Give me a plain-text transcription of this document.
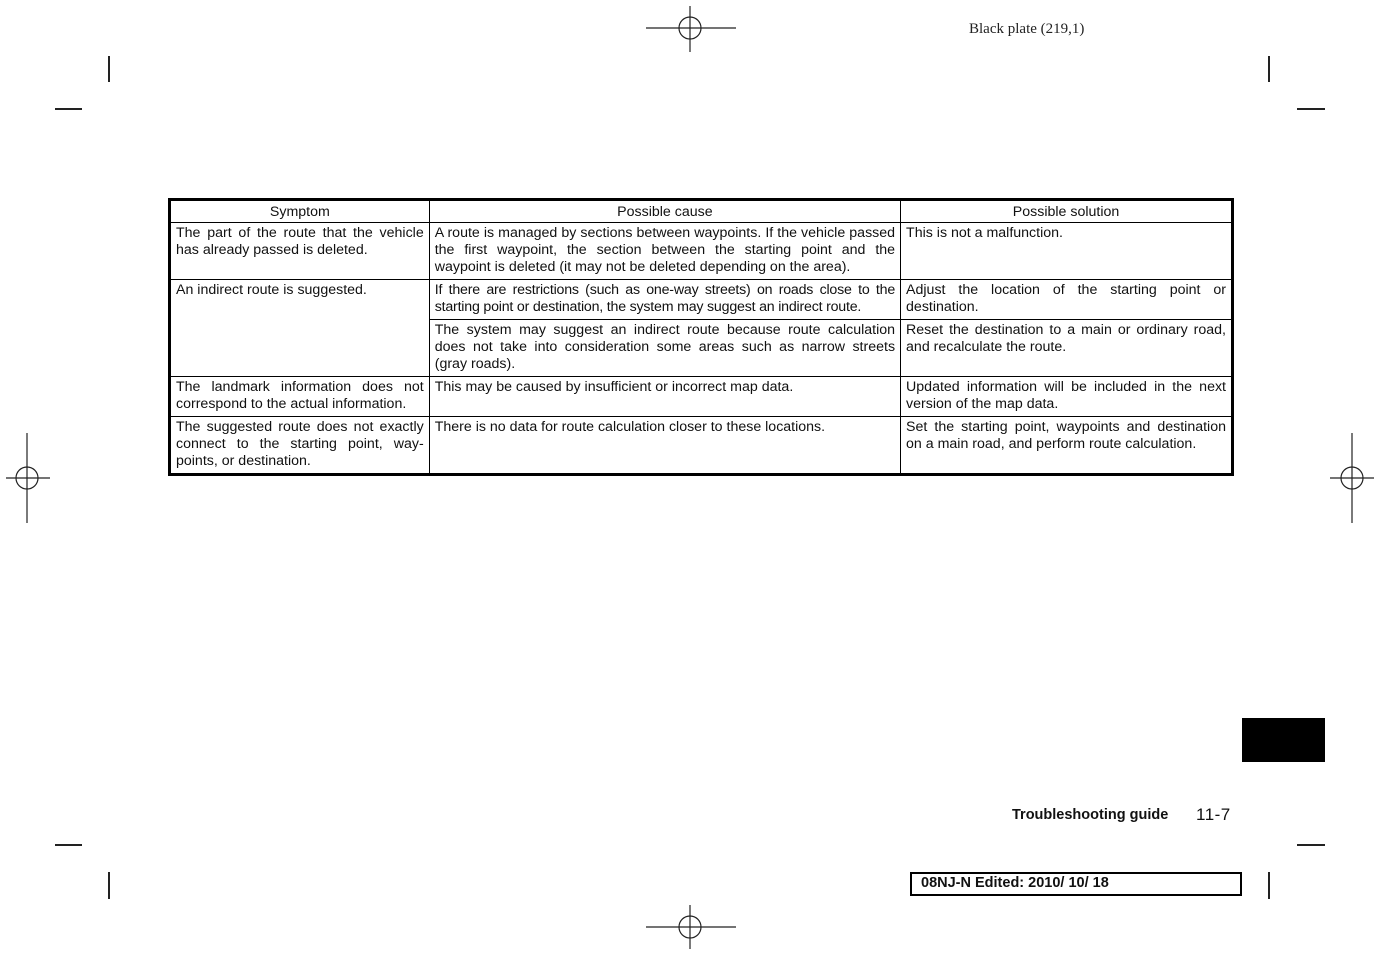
Black plate (219,1)
Symptom	Possible cause	Possible solution
The part of the route that the vehicle has already passed is deleted.	A route is managed by sections between waypoints. If the vehicle passed the first waypoint, the section between the starting point and the waypoint is deleted (it may not be deleted depending on the area).	This is not a malfunction.
An indirect route is suggested.	If there are restrictions (such as one-way streets) on roads close to the starting point or destination, the system may suggest an indirect route.	Adjust the location of the starting point or destination.
	The system may suggest an indirect route because route calculation does not take into consideration some areas such as narrow streets (gray roads).	Reset the destination to a main or ordinary road, and recalculate the route.
The landmark information does not correspond to the actual information.	This may be caused by insufficient or incorrect map data.	Updated information will be included in the next version of the map data.
The suggested route does not exactly connect to the starting point, way-points, or destination.	There is no data for route calculation closer to these locations.	Set the starting point, waypoints and destination on a main road, and perform route calculation.
Troubleshooting guide 11-7
08NJ-N Edited: 2010/ 10/ 18
